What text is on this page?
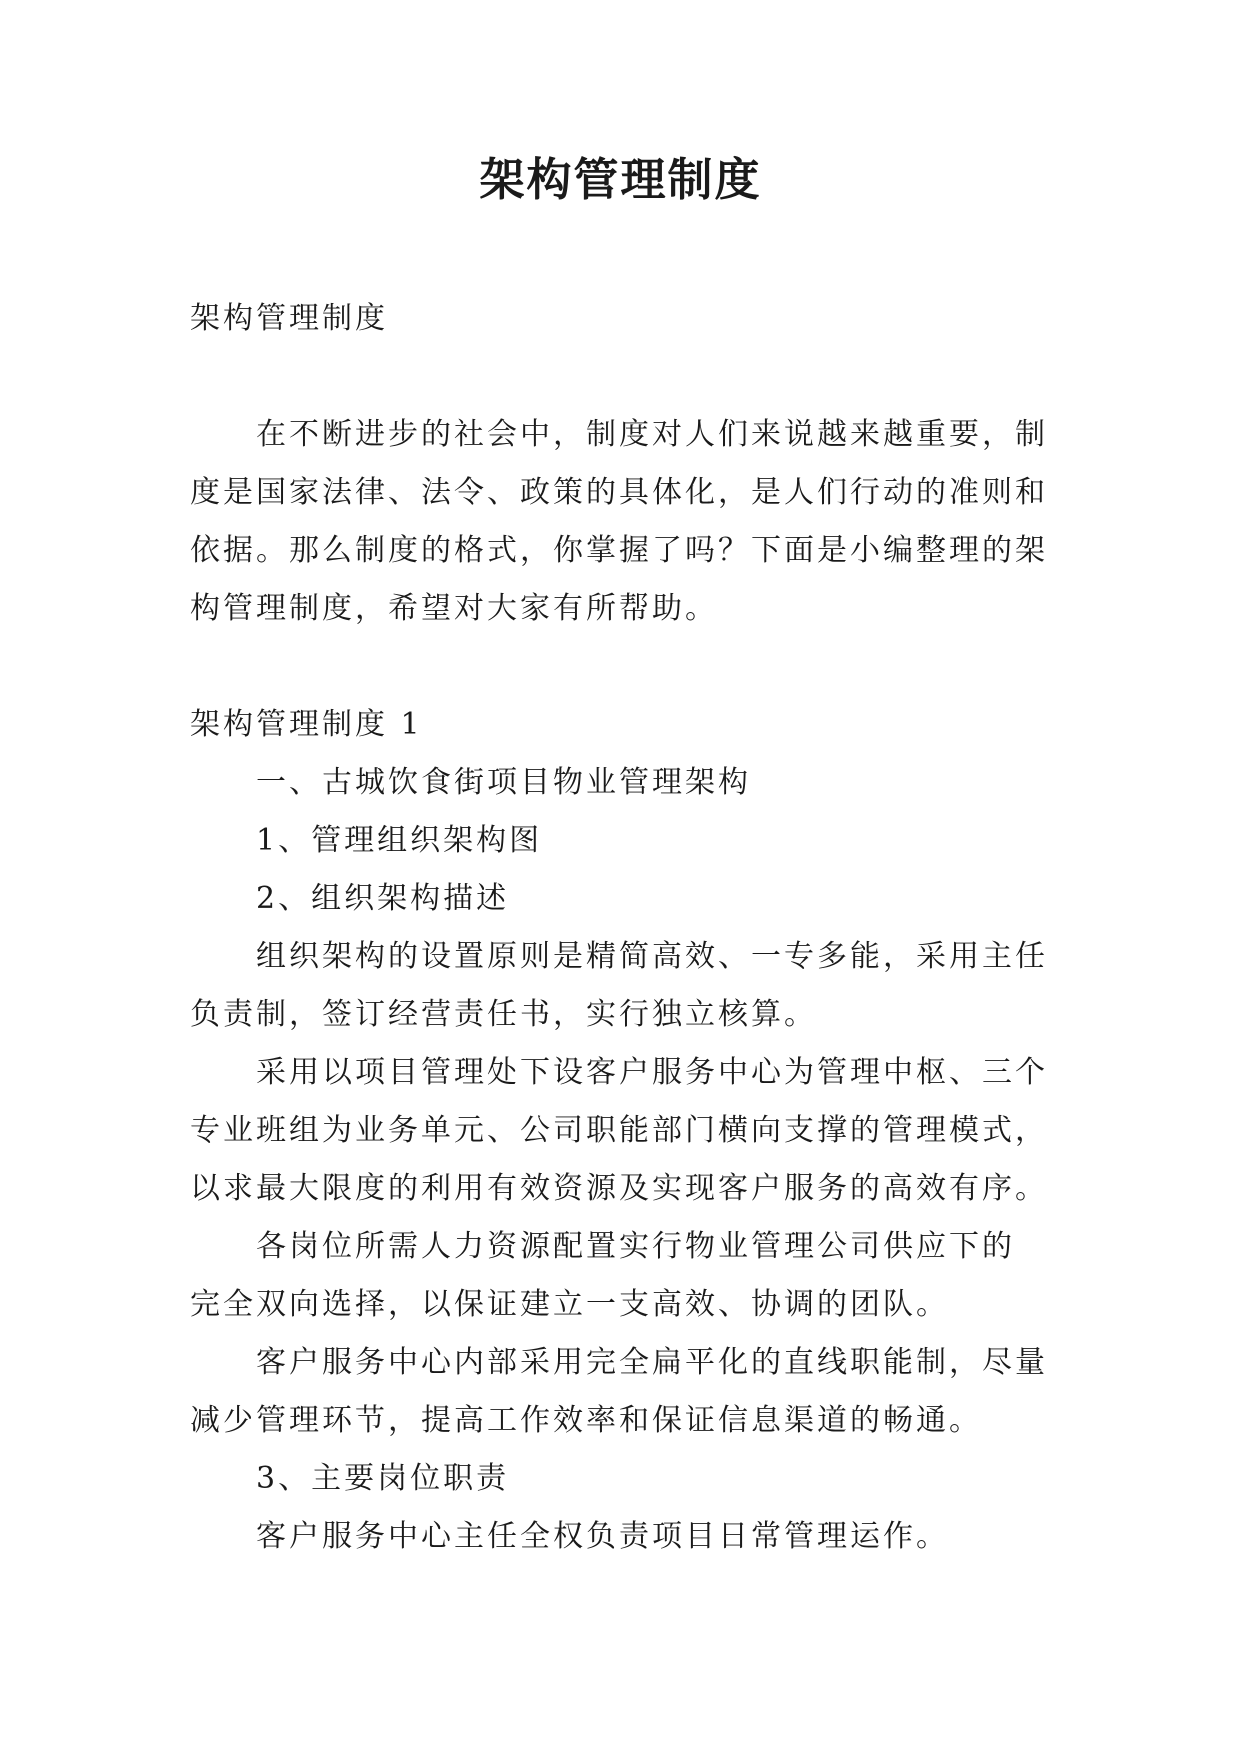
架构管理制度

架构管理制度

在不断进步的社会中，制度对人们来说越来越重要，制

度是国家法律、法令、政策的具体化，是人们行动的准则和

依据。那么制度的格式，你掌握了吗？下面是小编整理的架

构管理制度，希望对大家有所帮助。

架构管理制度 1

一、古城饮食街项目物业管理架构

1、管理组织架构图

2、组织架构描述

组织架构的设置原则是精简高效、一专多能，采用主任

负责制，签订经营责任书，实行独立核算。

采用以项目管理处下设客户服务中心为管理中枢、三个

专业班组为业务单元、公司职能部门横向支撑的管理模式，

以求最大限度的利用有效资源及实现客户服务的高效有序。

各岗位所需人力资源配置实行物业管理公司供应下的

完全双向选择，以保证建立一支高效、协调的团队。

客户服务中心内部采用完全扁平化的直线职能制，尽量

减少管理环节，提高工作效率和保证信息渠道的畅通。

3、主要岗位职责

客户服务中心主任全权负责项目日常管理运作。
